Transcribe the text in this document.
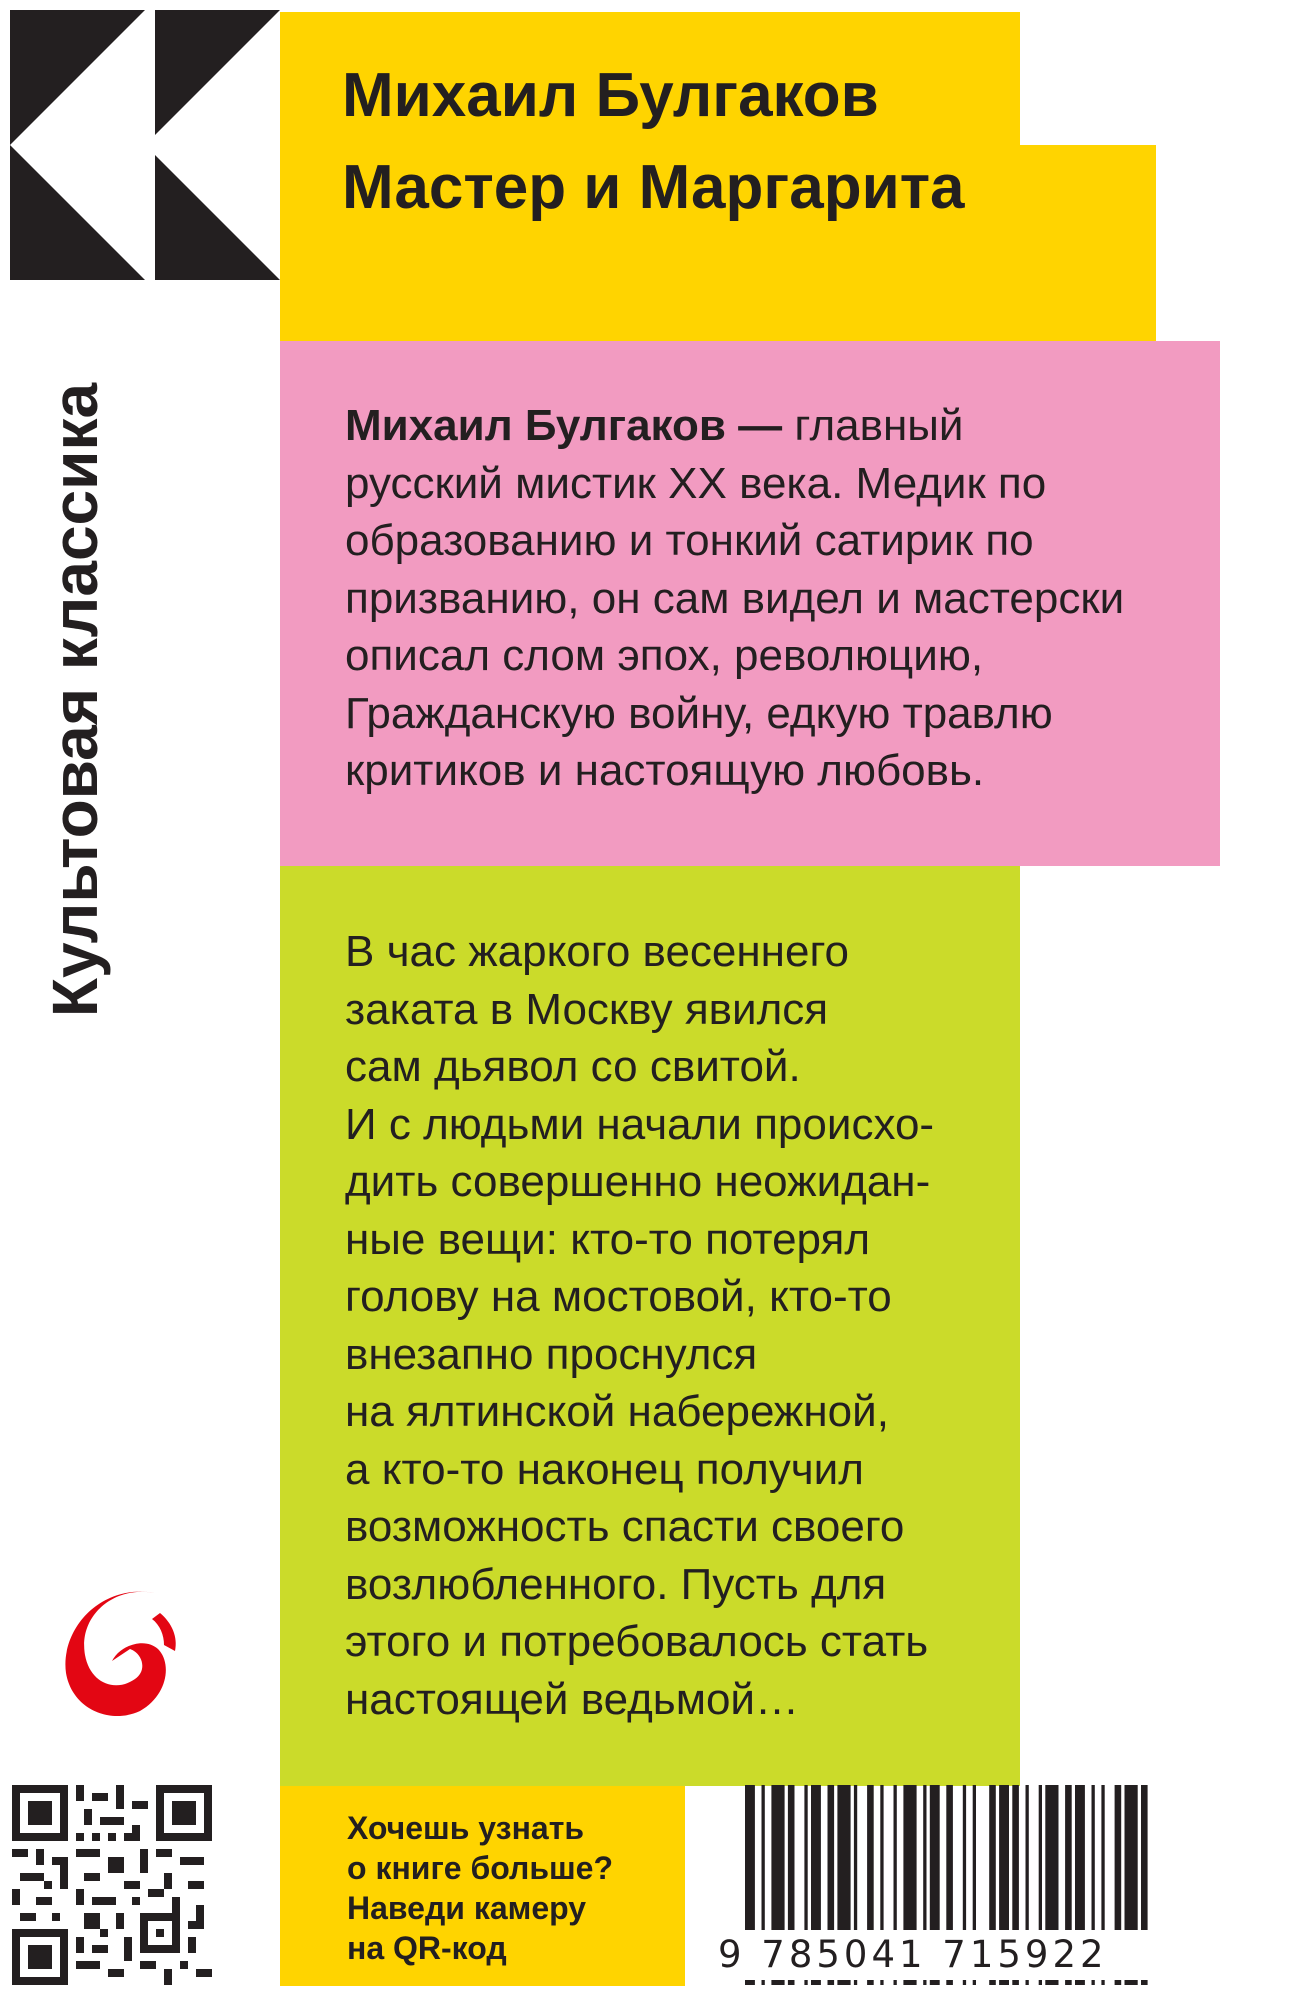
Михаил Булгаков
Мастер и Маргарита
Культовая классика	Михаил Булгаков — главный
русский мистик XX века. Медик по
образованию и тонкий сатирик по
призванию, он сам видел и мастерски
описал слом эпох, революцию,
Гражданскую войну, едкую травлю
критиков и настоящую любовь.
В час жаркого весеннего
заката в Москву явился
сам дьявол со свитой.
И с людьми начали происхо-
дить совершенно неожидан-
ные вещи: кто-то потерял
голову на мостовой, кто-то
внезапно проснулся
на ялтинской набережной,
а кто-то наконец получил
возможность спасти своего
возлюбленного. Пусть для
этого и потребовалось стать
настоящей ведьмой…
Хочешь узнать
о книге больше?
Наведи камеру
на QR-код	9 785041 715922
